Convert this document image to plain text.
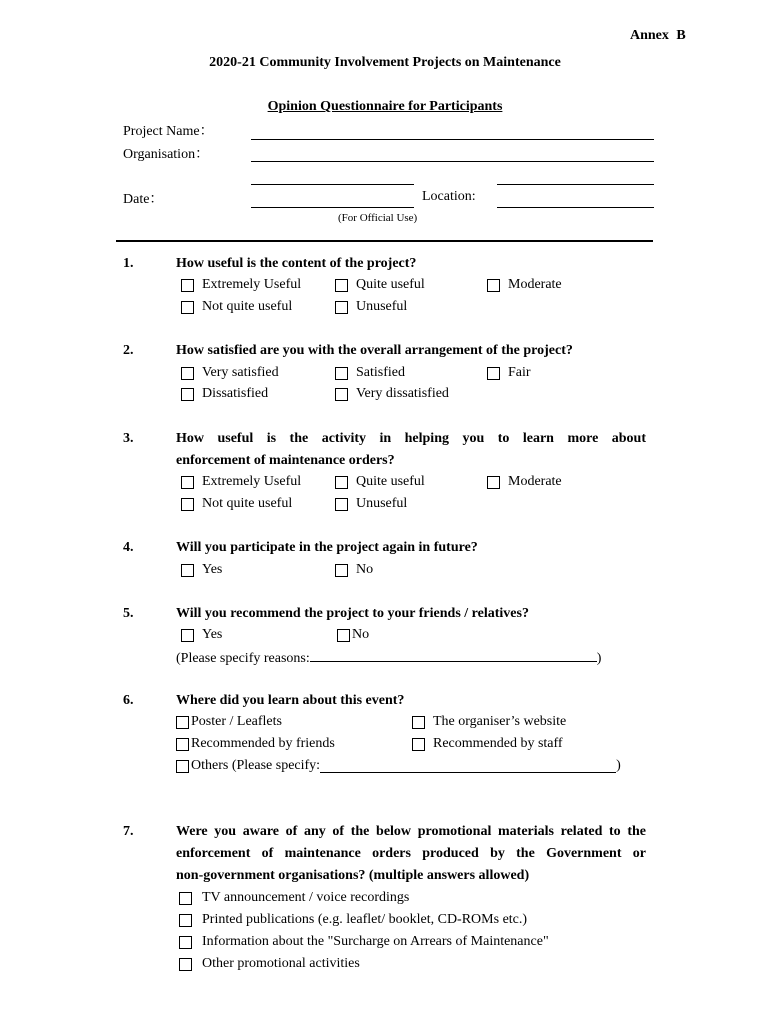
Annex B
2020-21 Community Involvement Projects on Maintenance
Opinion Questionnaire for Participants
Project Name：
Organisation：
Date：	Location:
(For Official Use)
1.	How useful is the content of the project?
Extremely Useful	Quite useful	Moderate
Not quite useful	Unuseful
2.	How satisfied are you with the overall arrangement of the project?
Very satisfied	Satisfied	Fair
Dissatisfied	Very dissatisfied
3.	How useful is the activity in helping you to learn more about
enforcement of maintenance orders?
Extremely Useful	Quite useful	Moderate
Not quite useful	Unuseful
4.	Will you participate in the project again in future?
Yes	No
5.	Will you recommend the project to your friends / relatives?
Yes	No
(Please specify reasons:	)
6.	Where did you learn about this event?
Poster / Leaflets	The organiser’s website
Recommended by friends	Recommended by staff
Others (Please specify:	)
7.	Were you aware of any of the below promotional materials related to the
enforcement of maintenance orders produced by the Government or
non-government organisations? (multiple answers allowed)
TV announcement / voice recordings
Printed publications (e.g. leaflet/ booklet, CD-ROMs etc.)
Information about the "Surcharge on Arrears of Maintenance"
Other promotional activities
